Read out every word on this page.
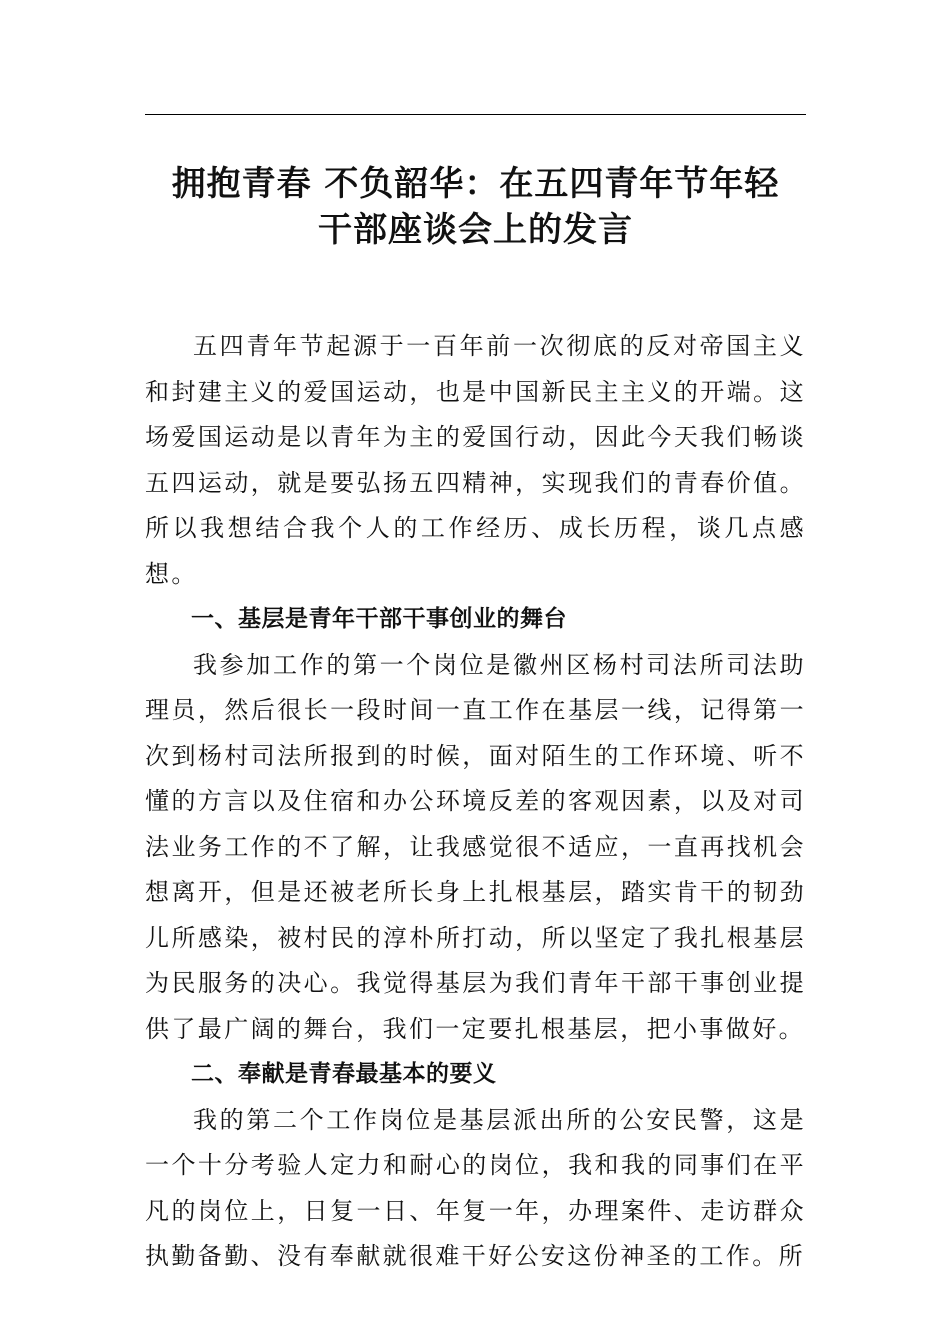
拥抱青春 不负韶华：在五四青年节年轻
干部座谈会上的发言

五四青年节起源于一百年前一次彻底的反对帝国主义和封建主义的爱国运动，也是中国新民主主义的开端。这场爱国运动是以青年为主的爱国行动，因此今天我们畅谈五四运动，就是要弘扬五四精神，实现我们的青春价值。所以我想结合我个人的工作经历、成长历程，谈几点感想。

一、基层是青年干部干事创业的舞台

我参加工作的第一个岗位是徽州区杨村司法所司法助理员，然后很长一段时间一直工作在基层一线，记得第一次到杨村司法所报到的时候，面对陌生的工作环境、听不懂的方言以及住宿和办公环境反差的客观因素，以及对司法业务工作的不了解，让我感觉很不适应，一直再找机会想离开，但是还被老所长身上扎根基层，踏实肯干的韧劲儿所感染，被村民的淳朴所打动，所以坚定了我扎根基层为民服务的决心。我觉得基层为我们青年干部干事创业提供了最广阔的舞台，我们一定要扎根基层，把小事做好。

二、奉献是青春最基本的要义

我的第二个工作岗位是基层派出所的公安民警，这是一个十分考验人定力和耐心的岗位，我和我的同事们在平凡的岗位上，日复一日、年复一年，办理案件、走访群众执勤备勤、没有奉献就很难干好公安这份神圣的工作。所
